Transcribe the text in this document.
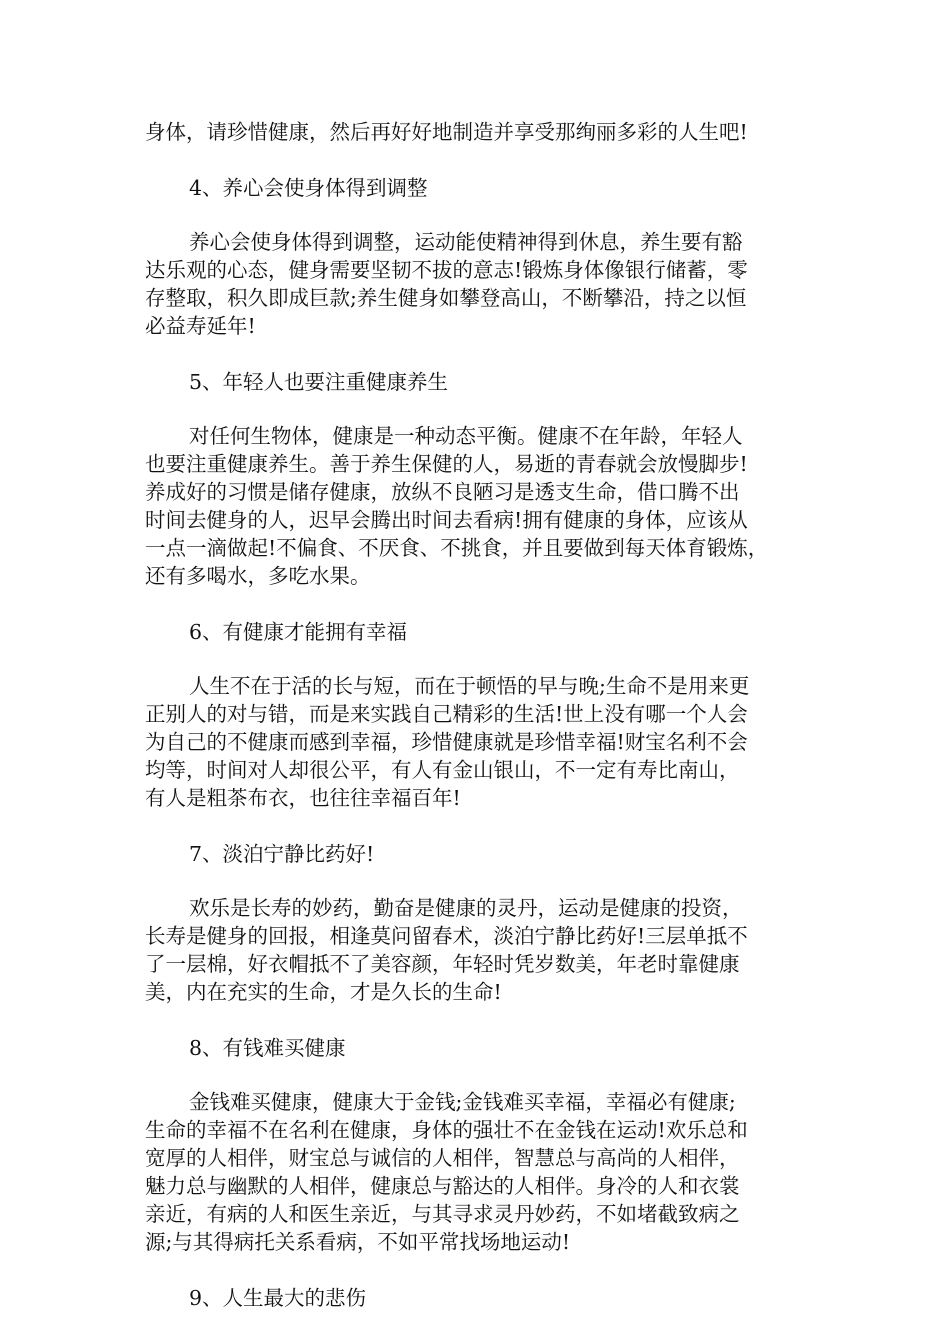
身体，请珍惜健康，然后再好好地制造并享受那绚丽多彩的人生吧!

4、养心会使身体得到调整

养心会使身体得到调整，运动能使精神得到休息，养生要有豁

达乐观的心态，健身需要坚韧不拔的意志!锻炼身体像银行储蓄，零

存整取，积久即成巨款;养生健身如攀登高山，不断攀沿，持之以恒

必益寿延年!

5、年轻人也要注重健康养生

对任何生物体，健康是一种动态平衡。健康不在年龄，年轻人

也要注重健康养生。善于养生保健的人，易逝的青春就会放慢脚步!

养成好的习惯是储存健康，放纵不良陋习是透支生命，借口腾不出

时间去健身的人，迟早会腾出时间去看病!拥有健康的身体，应该从

一点一滴做起!不偏食、不厌食、不挑食，并且要做到每天体育锻炼，

还有多喝水，多吃水果。

6、有健康才能拥有幸福

人生不在于活的长与短，而在于顿悟的早与晚;生命不是用来更

正别人的对与错，而是来实践自己精彩的生活!世上没有哪一个人会

为自己的不健康而感到幸福，珍惜健康就是珍惜幸福!财宝名利不会

均等，时间对人却很公平，有人有金山银山，不一定有寿比南山，

有人是粗茶布衣，也往往幸福百年!

7、淡泊宁静比药好!

欢乐是长寿的妙药，勤奋是健康的灵丹，运动是健康的投资，

长寿是健身的回报，相逢莫问留春术，淡泊宁静比药好!三层单抵不

了一层棉，好衣帽抵不了美容颜，年轻时凭岁数美，年老时靠健康

美，内在充实的生命，才是久长的生命!

8、有钱难买健康

金钱难买健康，健康大于金钱;金钱难买幸福，幸福必有健康;

生命的幸福不在名利在健康，身体的强壮不在金钱在运动!欢乐总和

宽厚的人相伴，财宝总与诚信的人相伴，智慧总与高尚的人相伴，

魅力总与幽默的人相伴，健康总与豁达的人相伴。身冷的人和衣裳

亲近，有病的人和医生亲近，与其寻求灵丹妙药，不如堵截致病之

源;与其得病托关系看病，不如平常找场地运动!

9、人生最大的悲伤
